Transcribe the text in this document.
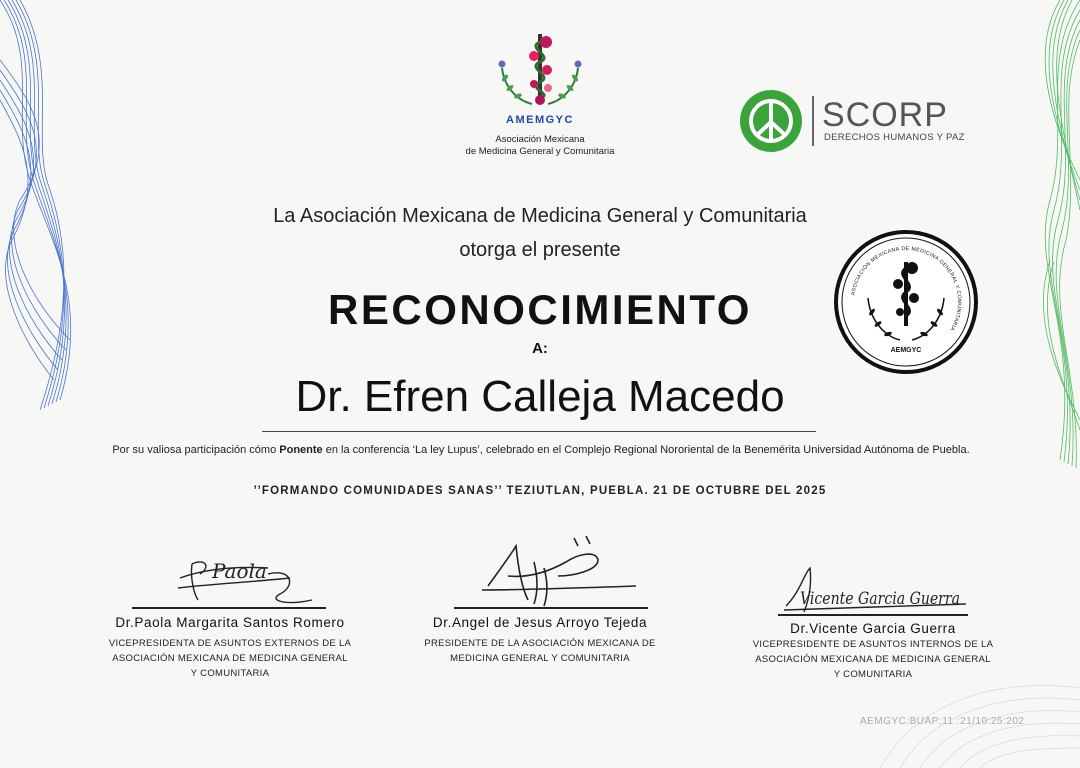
AMEMGYC
Asociación Mexicana
de Medicina General y Comunitaria
SCORP
DERECHOS HUMANOS Y PAZ
ASOCIACIÓN MEXICANA DE MEDICINA GENERAL Y COMUNITARIA
AEMGYC
La Asociación Mexicana de Medicina General y Comunitaria
otorga el presente
RECONOCIMIENTO
A:
Dr. Efren Calleja Macedo
Por su valiosa participación cómo Ponente en la conferencia ‘La ley Lupus’, celebrado en el Complejo Regional Nororiental de la Benemérita Universidad Autónoma de Puebla.
’’FORMANDO COMUNIDADES SANAS’’ TEZIUTLAN, PUEBLA. 21 DE OCTUBRE DEL 2025
Paola
Dr.Paola Margarita Santos Romero
VICEPRESIDENTA DE ASUNTOS EXTERNOS DE LA
ASOCIACIÓN MEXICANA DE MEDICINA GENERAL
Y COMUNITARIA
Dr.Angel de Jesus Arroyo Tejeda
PRESIDENTE DE LA ASOCIACIÓN MEXICANA DE
MEDICINA GENERAL Y COMUNITARIA
Vicente Garcia Guerra
Dr.Vicente Garcia Guerra
VICEPRESIDENTE DE ASUNTOS INTERNOS DE LA
ASOCIACIÓN MEXICANA DE MEDICINA GENERAL
Y COMUNITARIA
AEMGYC:BUAP:11 :21/10:25:202
